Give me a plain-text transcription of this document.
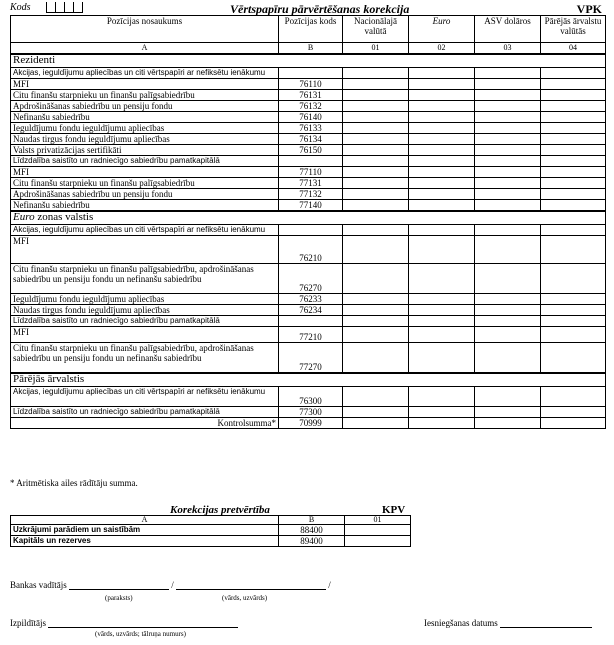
Kods	Vērtspapīru pārvērtēšanas korekcija	VPK
Pozīcijas nosaukums	Pozīcijas kods	Nacionālajā valūtā	Euro	ASV dolāros	Pārējās ārvalstu valūtās
A	B	01	02	03	04
Rezidenti					
Akcijas, ieguldījumu apliecības un citi vērtspapīri ar nefiksētu ienākumu					
MFI	76110				
Citu finanšu starpnieku un finanšu palīgsabiedrību	76131				
Apdrošināšanas sabiedrību un pensiju fondu	76132				
Nefinanšu sabiedrību	76140				
Ieguldījumu fondu ieguldījumu apliecības	76133				
Naudas tirgus fondu ieguldījumu apliecības	76134				
Valsts privatizācijas sertifikāti	76150				
Līdzdalība saistīto un radniecīgo sabiedrību pamatkapitālā					
MFI	77110				
Citu finanšu starpnieku un finanšu palīgsabiedrību	77131				
Apdrošināšanas sabiedrību un pensiju fondu	77132				
Nefinanšu sabiedrību	77140				
Euro zonas valstis					
Akcijas, ieguldījumu apliecības un citi vērtspapīri ar nefiksētu ienākumu					
MFI	76210				
Citu finanšu starpnieku un finanšu palīgsabiedrību, apdrošināšanas sabiedrību un pensiju fondu un nefinanšu sabiedrību	76270				
Ieguldījumu fondu ieguldījumu apliecības	76233				
Naudas tirgus fondu ieguldījumu apliecības	76234				
Līdzdalība saistīto un radniecīgo sabiedrību pamatkapitālā					
MFI	77210				
Citu finanšu starpnieku un finanšu palīgsabiedrību, apdrošināšanas sabiedrību un pensiju fondu un nefinanšu sabiedrību	77270				
Pārējās ārvalstis					
Akcijas, ieguldījumu apliecības un citi vērtspapīri ar nefiksētu ienākumu	76300				
Līdzdalība saistīto un radniecīgo sabiedrību pamatkapitālā	77300				
Kontrolsumma*	70999				
* Aritmētiska ailes rādītāju summa.
Korekcijas pretvērtība	KPV
A	B	01
Uzkrājumi parādiem un saistībām	88400	
Kapitāls un rezerves	89400	
Bankas vadītājs	/	/
(paraksts)	(vārds, uzvārds)
Izpildītājs
(vārds, uzvārds; tālruņa numurs)
Iesniegšanas datums
